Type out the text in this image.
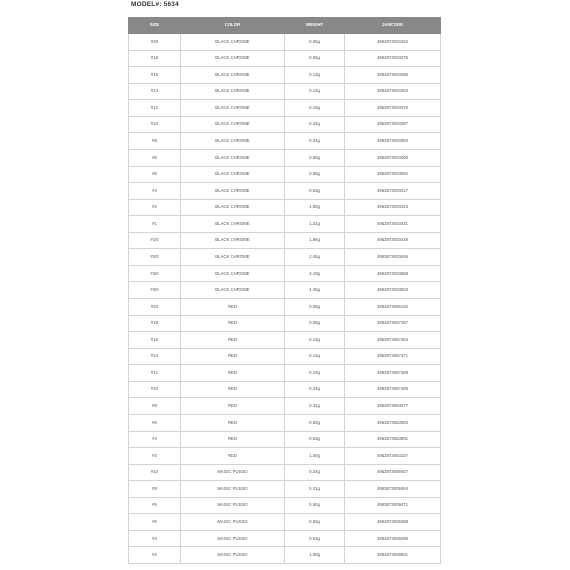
MODEL#: 5634
SIZE	COLOR	WEIGHT	JANCODE
#20	BLACK CHROME	0.05g	4953873003462
#18	BLACK CHROME	0.06g	4953873003475
#16	BLACK CHROME	0.12g	4953873003486
#14	BLACK CHROME	0.14g	4953873003363
#12	BLACK CHROME	0.19g	4953873003370
#10	BLACK CHROME	0.24g	4953873003387
#8	BLACK CHROME	0.31g	4953873003394
#6	BLACK CHROME	0.50g	4953873003400
#5	BLACK CHROME	0.56g	4953873003592
#4	BLACK CHROME	0.63g	4953873003417
#2	BLACK CHROME	1.00g	4953873003424
#1	BLACK CHROME	1.31g	4953873003431
#1/0	BLACK CHROME	1.86g	4953873003448
#2/0	BLACK CHROME	2.45g	4953873003455
#3/0	BLACK CHROME	3.10g	4953873003688
#4/0	BLACK CHROME	4.36g	4953873003603
#20	RED	0.05g	4953873065192
#18	RED	0.06g	4953873067457
#16	RED	0.12g	4953873067464
#14	RED	0.14g	4953873067471
#12	RED	0.19g	4953873067488
#10	RED	0.24g	4953873067495
#8	RED	0.31g	4953873063077
#6	RED	0.50g	4953873063084
#4	RED	0.63g	4953873063091
#2	RED	1.00g	4953873063107
#10	MAGIC PUSSO	0.24g	4953873009457
#8	MAGIC PUSSO	0.31g	4953873009464
#6	MAGIC PUSSO	0.50g	4953873009471
#5	MAGIC PUSSO	0.56g	4953873009488
#4	MAGIC PUSSO	0.63g	4953873009495
#2	MAGIC PUSSO	1.00g	4953873009501
